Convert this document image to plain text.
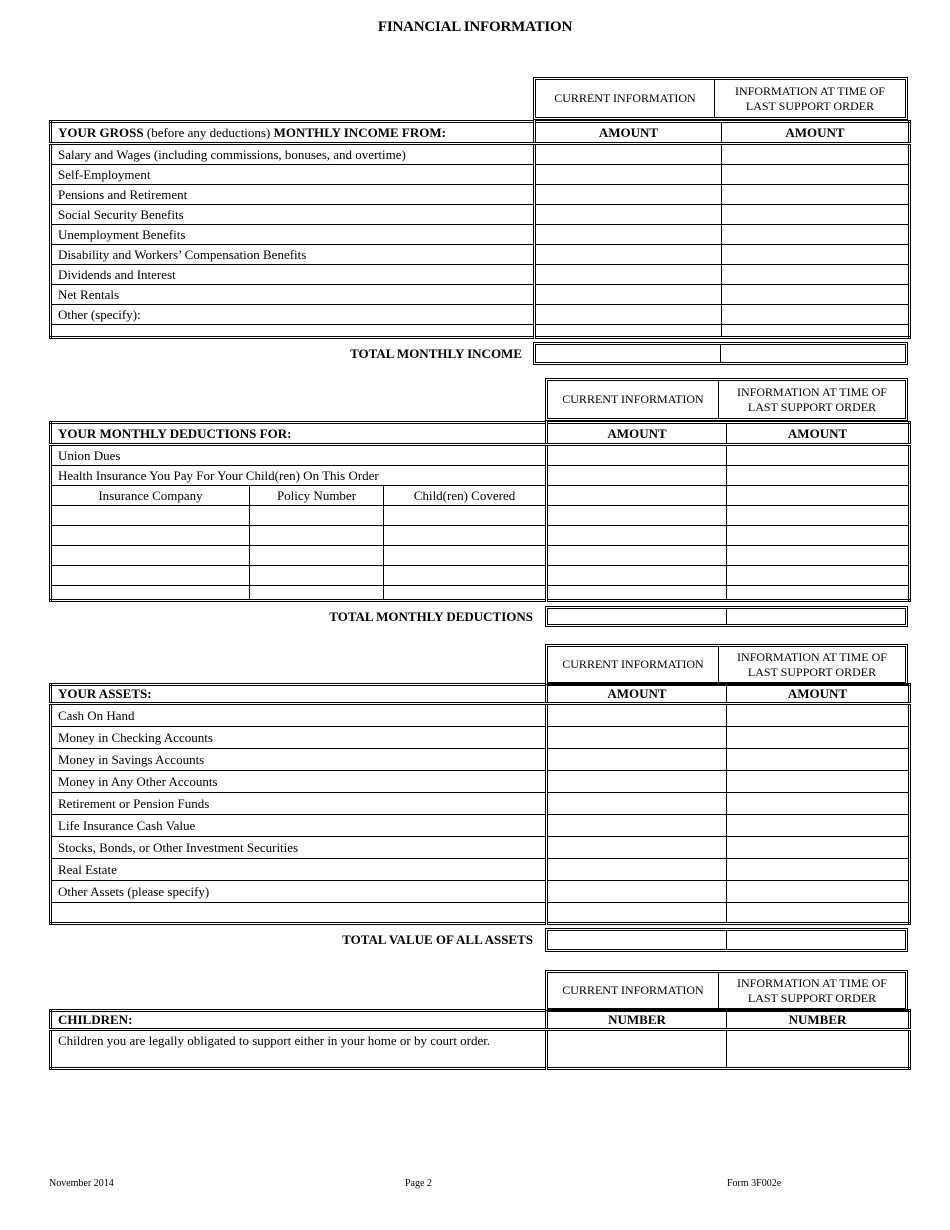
FINANCIAL INFORMATION
CURRENT INFORMATION
INFORMATION AT TIME OF LAST SUPPORT ORDER
YOUR GROSS (before any deductions) MONTHLY INCOME FROM:	AMOUNT	AMOUNT
Salary and Wages (including commissions, bonuses, and overtime)		
Self-Employment		
Pensions and Retirement		
Social Security Benefits		
Unemployment Benefits		
Disability and Workers’ Compensation Benefits		
Dividends and Interest		
Net Rentals		
Other (specify):		

TOTAL MONTHLY INCOME
CURRENT INFORMATION
INFORMATION AT TIME OF LAST SUPPORT ORDER
YOUR MONTHLY DEDUCTIONS FOR:			AMOUNT	AMOUNT
Union Dues				
Health Insurance You Pay For Your Child(ren) On This Order				
Insurance Company	Policy Number	Child(ren) Covered		

TOTAL MONTHLY DEDUCTIONS
CURRENT INFORMATION
INFORMATION AT TIME OF LAST SUPPORT ORDER
YOUR ASSETS:	AMOUNT	AMOUNT
Cash On Hand		
Money in Checking Accounts		
Money in Savings Accounts		
Money in Any Other Accounts		
Retirement or Pension Funds		
Life Insurance Cash Value		
Stocks, Bonds, or Other Investment Securities		
Real Estate		
Other Assets (please specify)		

TOTAL VALUE OF ALL ASSETS
CURRENT INFORMATION
INFORMATION AT TIME OF LAST SUPPORT ORDER
CHILDREN:	NUMBER	NUMBER
Children you are legally obligated to support either in your home or by court order.		
November 2014	Page 2	Form 3F002e
